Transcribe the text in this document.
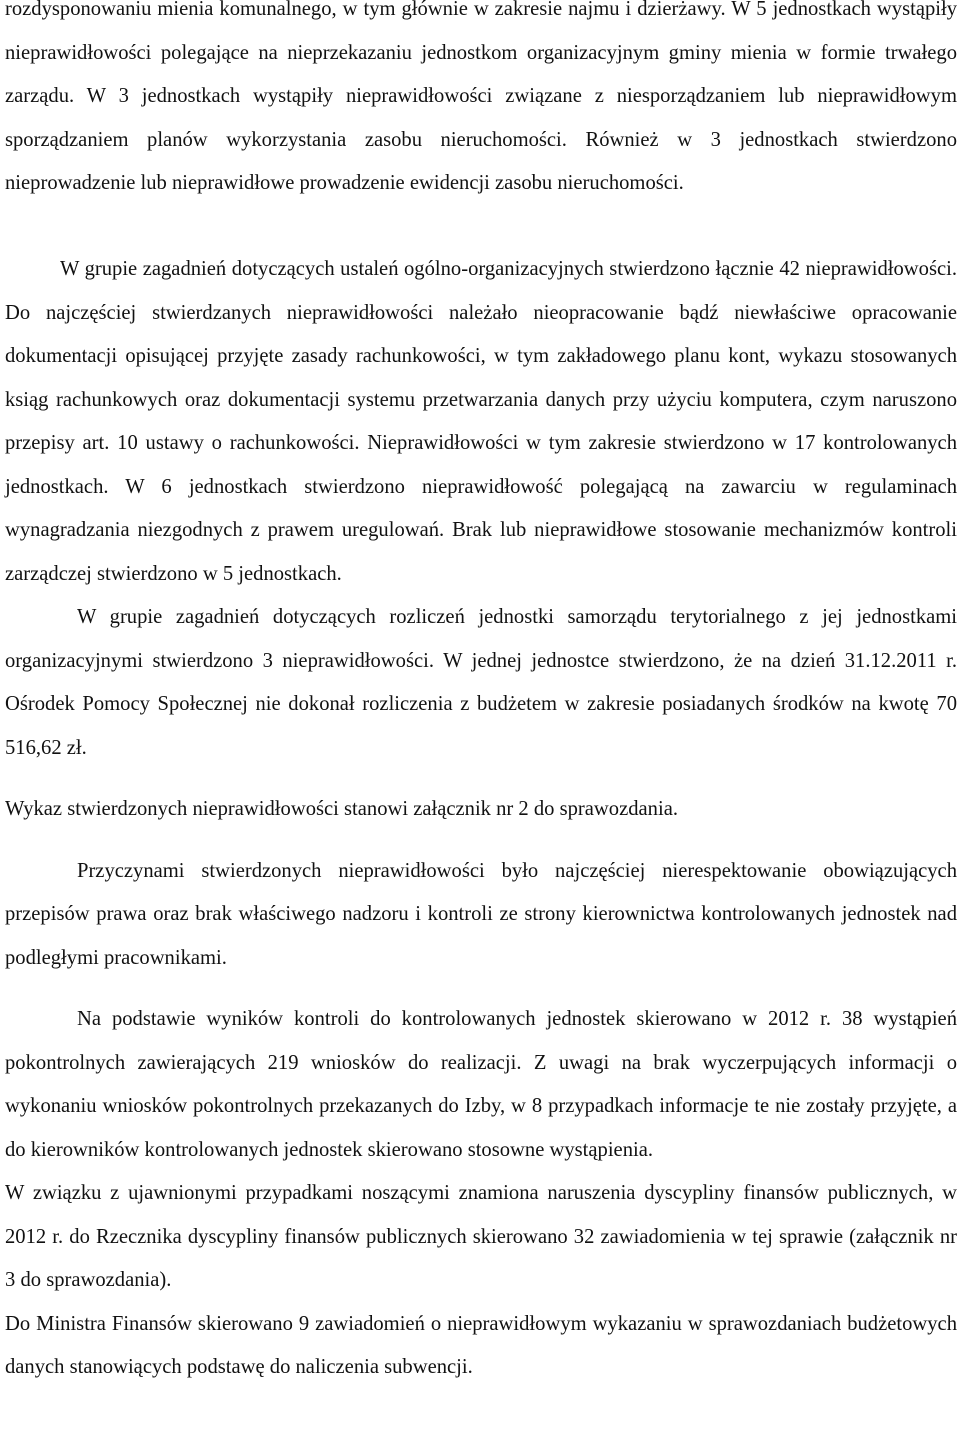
rozdysponowaniu mienia komunalnego, w tym głównie w zakresie najmu i dzierżawy. W 5 jednostkach wystąpiły nieprawidłowości polegające na nieprzekazaniu jednostkom organizacyjnym gminy mienia w formie trwałego zarządu. W 3 jednostkach wystąpiły nieprawidłowości związane z niesporządzaniem lub nieprawidłowym sporządzaniem planów wykorzystania zasobu nieruchomości. Również w 3 jednostkach stwierdzono nieprowadzenie lub nieprawidłowe prowadzenie ewidencji zasobu nieruchomości.

W grupie zagadnień dotyczących ustaleń ogólno-organizacyjnych stwierdzono łącznie 42 nieprawidłowości. Do najczęściej stwierdzanych nieprawidłowości należało nieopracowanie bądź niewłaściwe opracowanie dokumentacji opisującej przyjęte zasady rachunkowości, w tym zakładowego planu kont, wykazu stosowanych ksiąg rachunkowych oraz dokumentacji systemu przetwarzania danych przy użyciu komputera, czym naruszono przepisy art. 10 ustawy o rachunkowości. Nieprawidłowości w tym zakresie stwierdzono w 17 kontrolowanych jednostkach. W 6 jednostkach stwierdzono nieprawidłowość polegającą na zawarciu w regulaminach wynagradzania niezgodnych z prawem uregulowań. Brak lub nieprawidłowe stosowanie mechanizmów kontroli zarządczej stwierdzono w 5 jednostkach.

W grupie zagadnień dotyczących rozliczeń jednostki samorządu terytorialnego z jej jednostkami organizacyjnymi stwierdzono 3 nieprawidłowości. W jednej jednostce stwierdzono, że na dzień 31.12.2011 r. Ośrodek Pomocy Społecznej nie dokonał rozliczenia z budżetem w zakresie posiadanych środków na kwotę 70 516,62 zł.

Wykaz stwierdzonych nieprawidłowości stanowi załącznik nr 2 do sprawozdania.

Przyczynami stwierdzonych nieprawidłowości było najczęściej nierespektowanie obowiązujących przepisów prawa oraz brak właściwego nadzoru i kontroli ze strony kierownictwa kontrolowanych jednostek nad podległymi pracownikami.

Na podstawie wyników kontroli do kontrolowanych jednostek skierowano w 2012 r. 38 wystąpień pokontrolnych zawierających 219 wniosków do realizacji. Z uwagi na brak wyczerpujących informacji o wykonaniu wniosków pokontrolnych przekazanych do Izby, w 8 przypadkach informacje te nie zostały przyjęte, a do kierowników kontrolowanych jednostek skierowano stosowne wystąpienia.

W związku z ujawnionymi przypadkami noszącymi znamiona naruszenia dyscypliny finansów publicznych, w 2012 r. do Rzecznika dyscypliny finansów publicznych skierowano 32 zawiadomienia w tej sprawie (załącznik nr 3 do sprawozdania).

Do Ministra Finansów skierowano 9 zawiadomień o nieprawidłowym wykazaniu w sprawozdaniach budżetowych danych stanowiących podstawę do naliczenia subwencji.
